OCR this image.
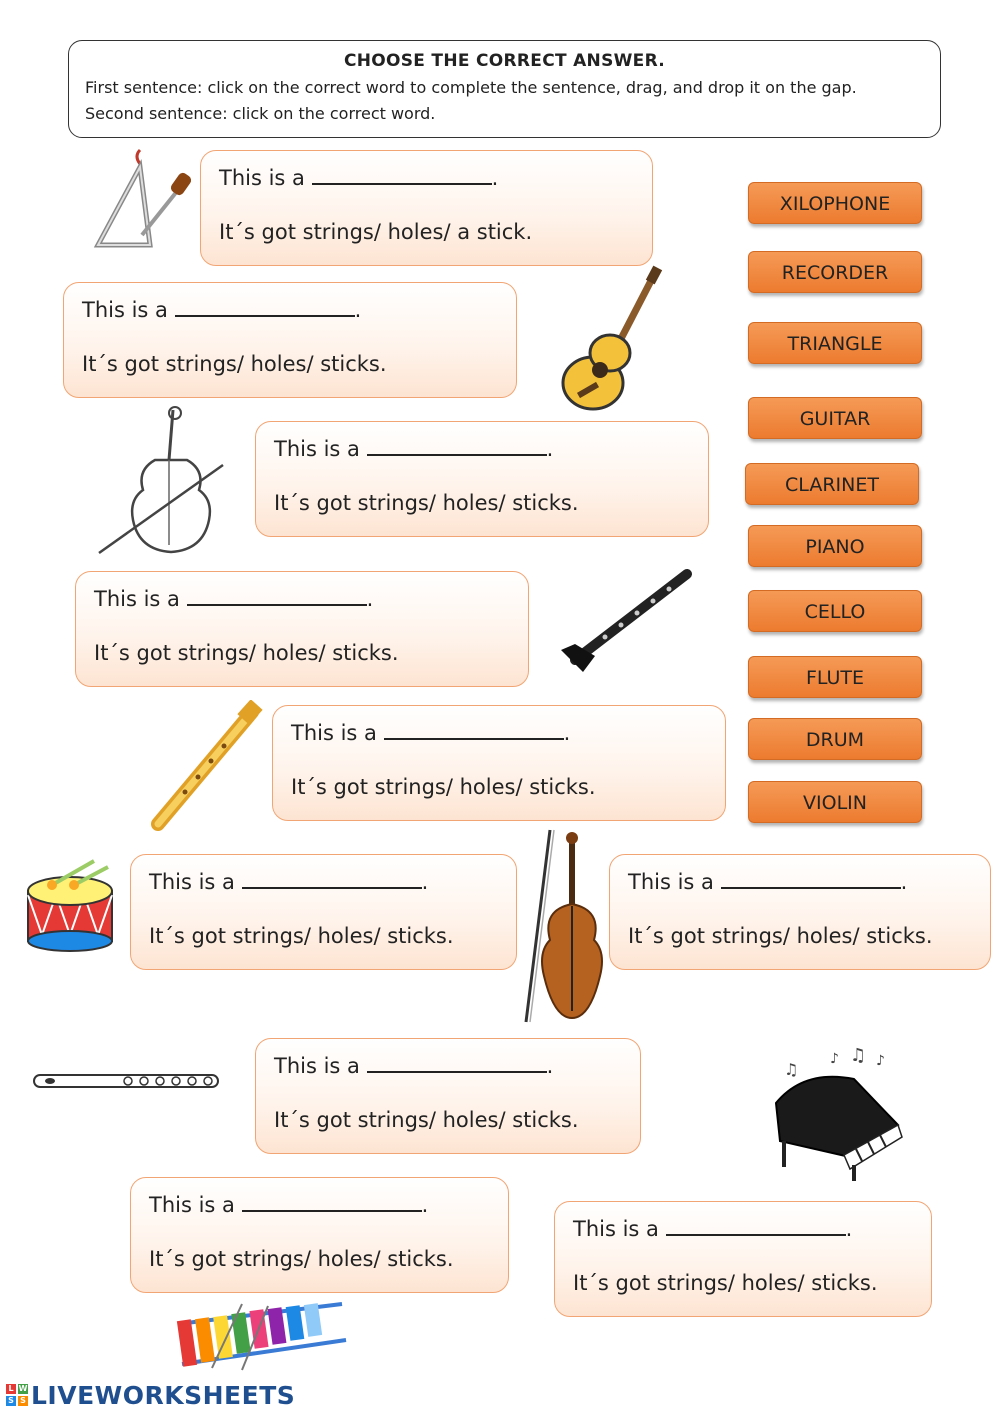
CHOOSE THE CORRECT ANSWER.
First sentence: click on the correct word to complete the sentence, drag, and drop it on the gap.
Second sentence: click on the correct word.
This is a	.
It´s got strings/ holes/ a stick.
This is a	.
It´s got strings/ holes/ sticks.
This is a	.
It´s got strings/ holes/ sticks.
This is a	.
It´s got strings/ holes/ sticks.
This is a	.
It´s got strings/ holes/ sticks.
This is a	.
It´s got strings/ holes/ sticks.
This is a	.
It´s got strings/ holes/ sticks.
This is a	.
It´s got strings/ holes/ sticks.
This is a	.
It´s got strings/ holes/ sticks.
This is a	.
It´s got strings/ holes/ sticks.
XILOPHONE
RECORDER
TRIANGLE
GUITAR
CLARINET
PIANO
CELLO
FLUTE
DRUM
VIOLIN
♫
♪ ♫ ♪
L W
S S LIVEWORKSHEETS
